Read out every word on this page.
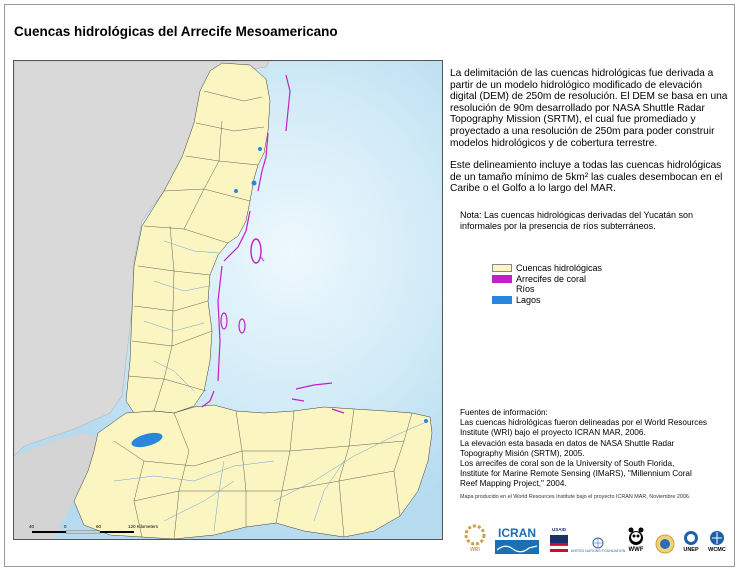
Cuencas hidrológicas del Arrecife Mesoamericano
40	0	60	120 Kilometers

La delimitación de las cuencas hidrológicas fue derivada a partir de un modelo hidrológico modificado de elevación digital (DEM) de 250m de resolución. El DEM se basa en una resolución de 90m desarrollado por NASA Shuttle Radar Topography Mission (SRTM), el cual fue promediado y proyectado a una resolución de 250m para poder construir modelos hidrológicos y de cobertura terrestre.

Este delineamiento incluye a todas las cuencas hidrológicas de un tamaño mínimo de 5km² las cuales desembocan en el Caribe o el Golfo a lo largo del MAR.

Nota: Las cuencas hidrológicas derivadas del Yucatán son informales por la presencia de ríos subterráneos.
Cuencas hidrológicas
Arrecifes de coral
Ríos
Lagos
Fuentes de información:
Las cuencas hidrológicas fueron delineadas por el World Resources
Institute (WRI) bajo el proyecto ICRAN MAR, 2006.
La elevación esta basada en datos de NASA Shuttle Radar
Topography Misión (SRTM), 2005.
Los arrecifes de coral son de la University of South Florida,
Institute for Marine Remote Sensing (IMaRS), "Millennium Coral
Reef Mapping Project," 2004.
Mapa producido en el World Resources Institute bajo el proyecto ICRAN MAR, Noviembre 2006.
WRI
ICRAN	USAID
UNITED NATIONS FOUNDATION WWF	UNEP WCMC
